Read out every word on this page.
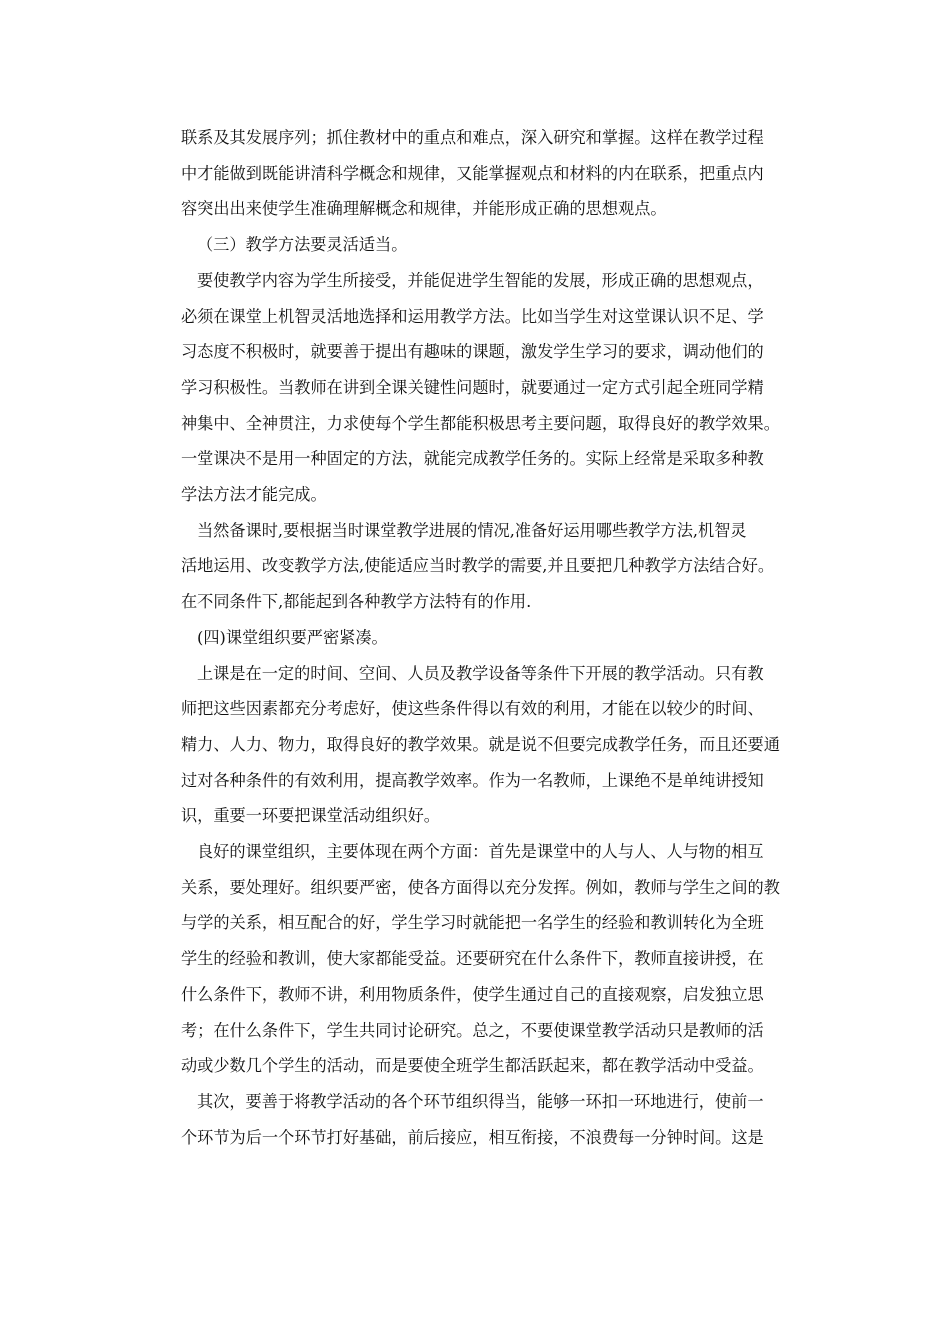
联系及其发展序列；抓住教材中的重点和难点，深入研究和掌握。这样在教学过程
中才能做到既能讲清科学概念和规律，又能掌握观点和材料的内在联系，把重点内
容突出出来使学生准确理解概念和规律，并能形成正确的思想观点。
（三）教学方法要灵活适当。
要使教学内容为学生所接受，并能促进学生智能的发展，形成正确的思想观点，
必须在课堂上机智灵活地选择和运用教学方法。比如当学生对这堂课认识不足、学
习态度不积极时，就要善于提出有趣味的课题，激发学生学习的要求，调动他们的
学习积极性。当教师在讲到全课关键性问题时，就要通过一定方式引起全班同学精
神集中、全神贯注，力求使每个学生都能积极思考主要问题，取得良好的教学效果。
一堂课决不是用一种固定的方法，就能完成教学任务的。实际上经常是采取多种教
学法方法才能完成。
当然备课时,要根据当时课堂教学进展的情况,准备好运用哪些教学方法,机智灵
活地运用、改变教学方法,使能适应当时教学的需要,并且要把几种教学方法结合好。
在不同条件下,都能起到各种教学方法特有的作用.
(四)课堂组织要严密紧凑。
上课是在一定的时间、空间、人员及教学设备等条件下开展的教学活动。只有教
师把这些因素都充分考虑好，使这些条件得以有效的利用，才能在以较少的时间、
精力、人力、物力，取得良好的教学效果。就是说不但要完成教学任务，而且还要通
过对各种条件的有效利用，提高教学效率。作为一名教师，上课绝不是单纯讲授知
识，重要一环要把课堂活动组织好。
良好的课堂组织，主要体现在两个方面：首先是课堂中的人与人、人与物的相互
关系，要处理好。组织要严密，使各方面得以充分发挥。例如，教师与学生之间的教
与学的关系，相互配合的好，学生学习时就能把一名学生的经验和教训转化为全班
学生的经验和教训，使大家都能受益。还要研究在什么条件下，教师直接讲授，在
什么条件下，教师不讲，利用物质条件，使学生通过自己的直接观察，启发独立思
考；在什么条件下，学生共同讨论研究。总之，不要使课堂教学活动只是教师的活
动或少数几个学生的活动，而是要使全班学生都活跃起来，都在教学活动中受益。
其次，要善于将教学活动的各个环节组织得当，能够一环扣一环地进行，使前一
个环节为后一个环节打好基础，前后接应，相互衔接，不浪费每一分钟时间。这是
